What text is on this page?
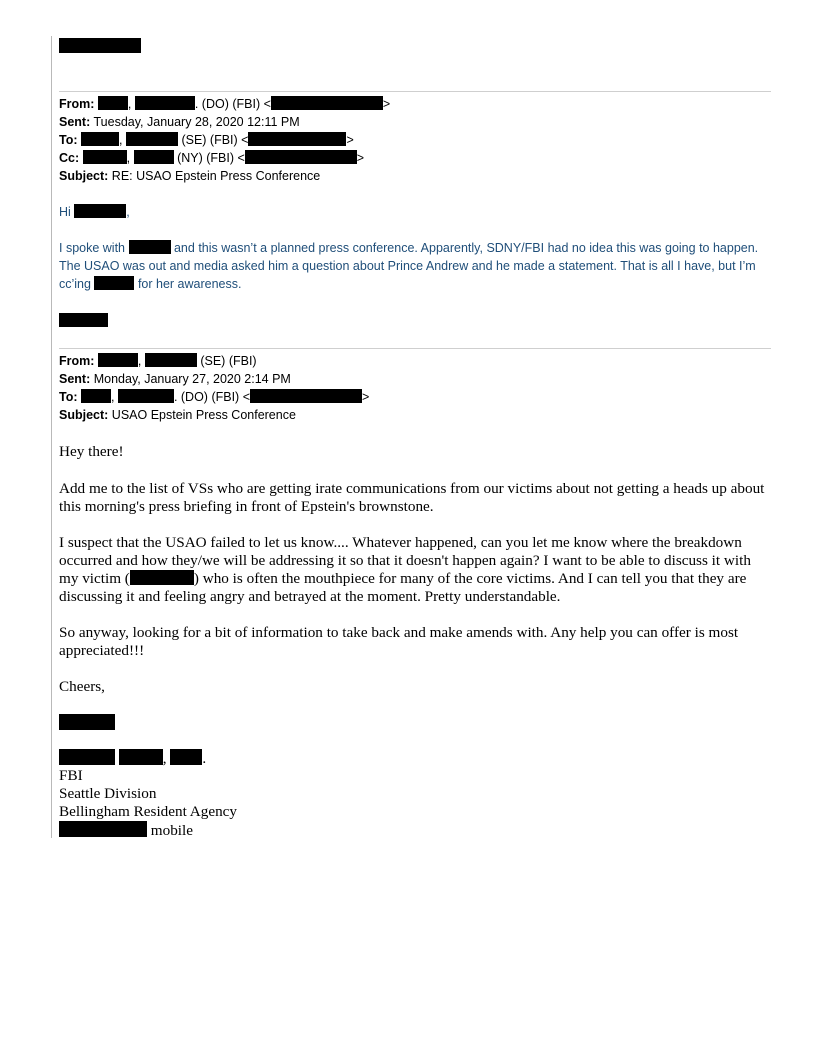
From:	,	. (DO) (FBI) <	>
Sent: Tuesday, January 28, 2020 12:11 PM
To:	,	(SE) (FBI) <	>
Cc:	,	(NY) (FBI) <	>
Subject: RE: USAO Epstein Press Conference

Hi	,

I spoke with	and this wasn’t a planned press conference. Apparently, SDNY/FBI had no idea this was going to happen. The USAO was out and media asked him a question about Prince Andrew and he made a statement. That is all I have, but I’m cc’ing	for her awareness.

From:	,	(SE) (FBI)
Sent: Monday, January 27, 2020 2:14 PM
To:	,	. (DO) (FBI) <	>
Subject: USAO Epstein Press Conference

Hey there!

Add me to the list of VSs who are getting irate communications from our victims about not getting a heads up about this morning's press briefing in front of Epstein's brownstone.

I suspect that the USAO failed to let us know.... Whatever happened, can you let me know where the breakdown occurred and how they/we will be addressing it so that it doesn't happen again? I want to be able to discuss it with my victim (	) who is often the mouthpiece for many of the core victims. And I can tell you that they are discussing it and feeling angry and betrayed at the moment. Pretty understandable.

So anyway, looking for a bit of information to take back and make amends with. Any help you can offer is most appreciated!!!

Cheers,

, .
FBI
Seattle Division
Bellingham Resident Agency
mobile
